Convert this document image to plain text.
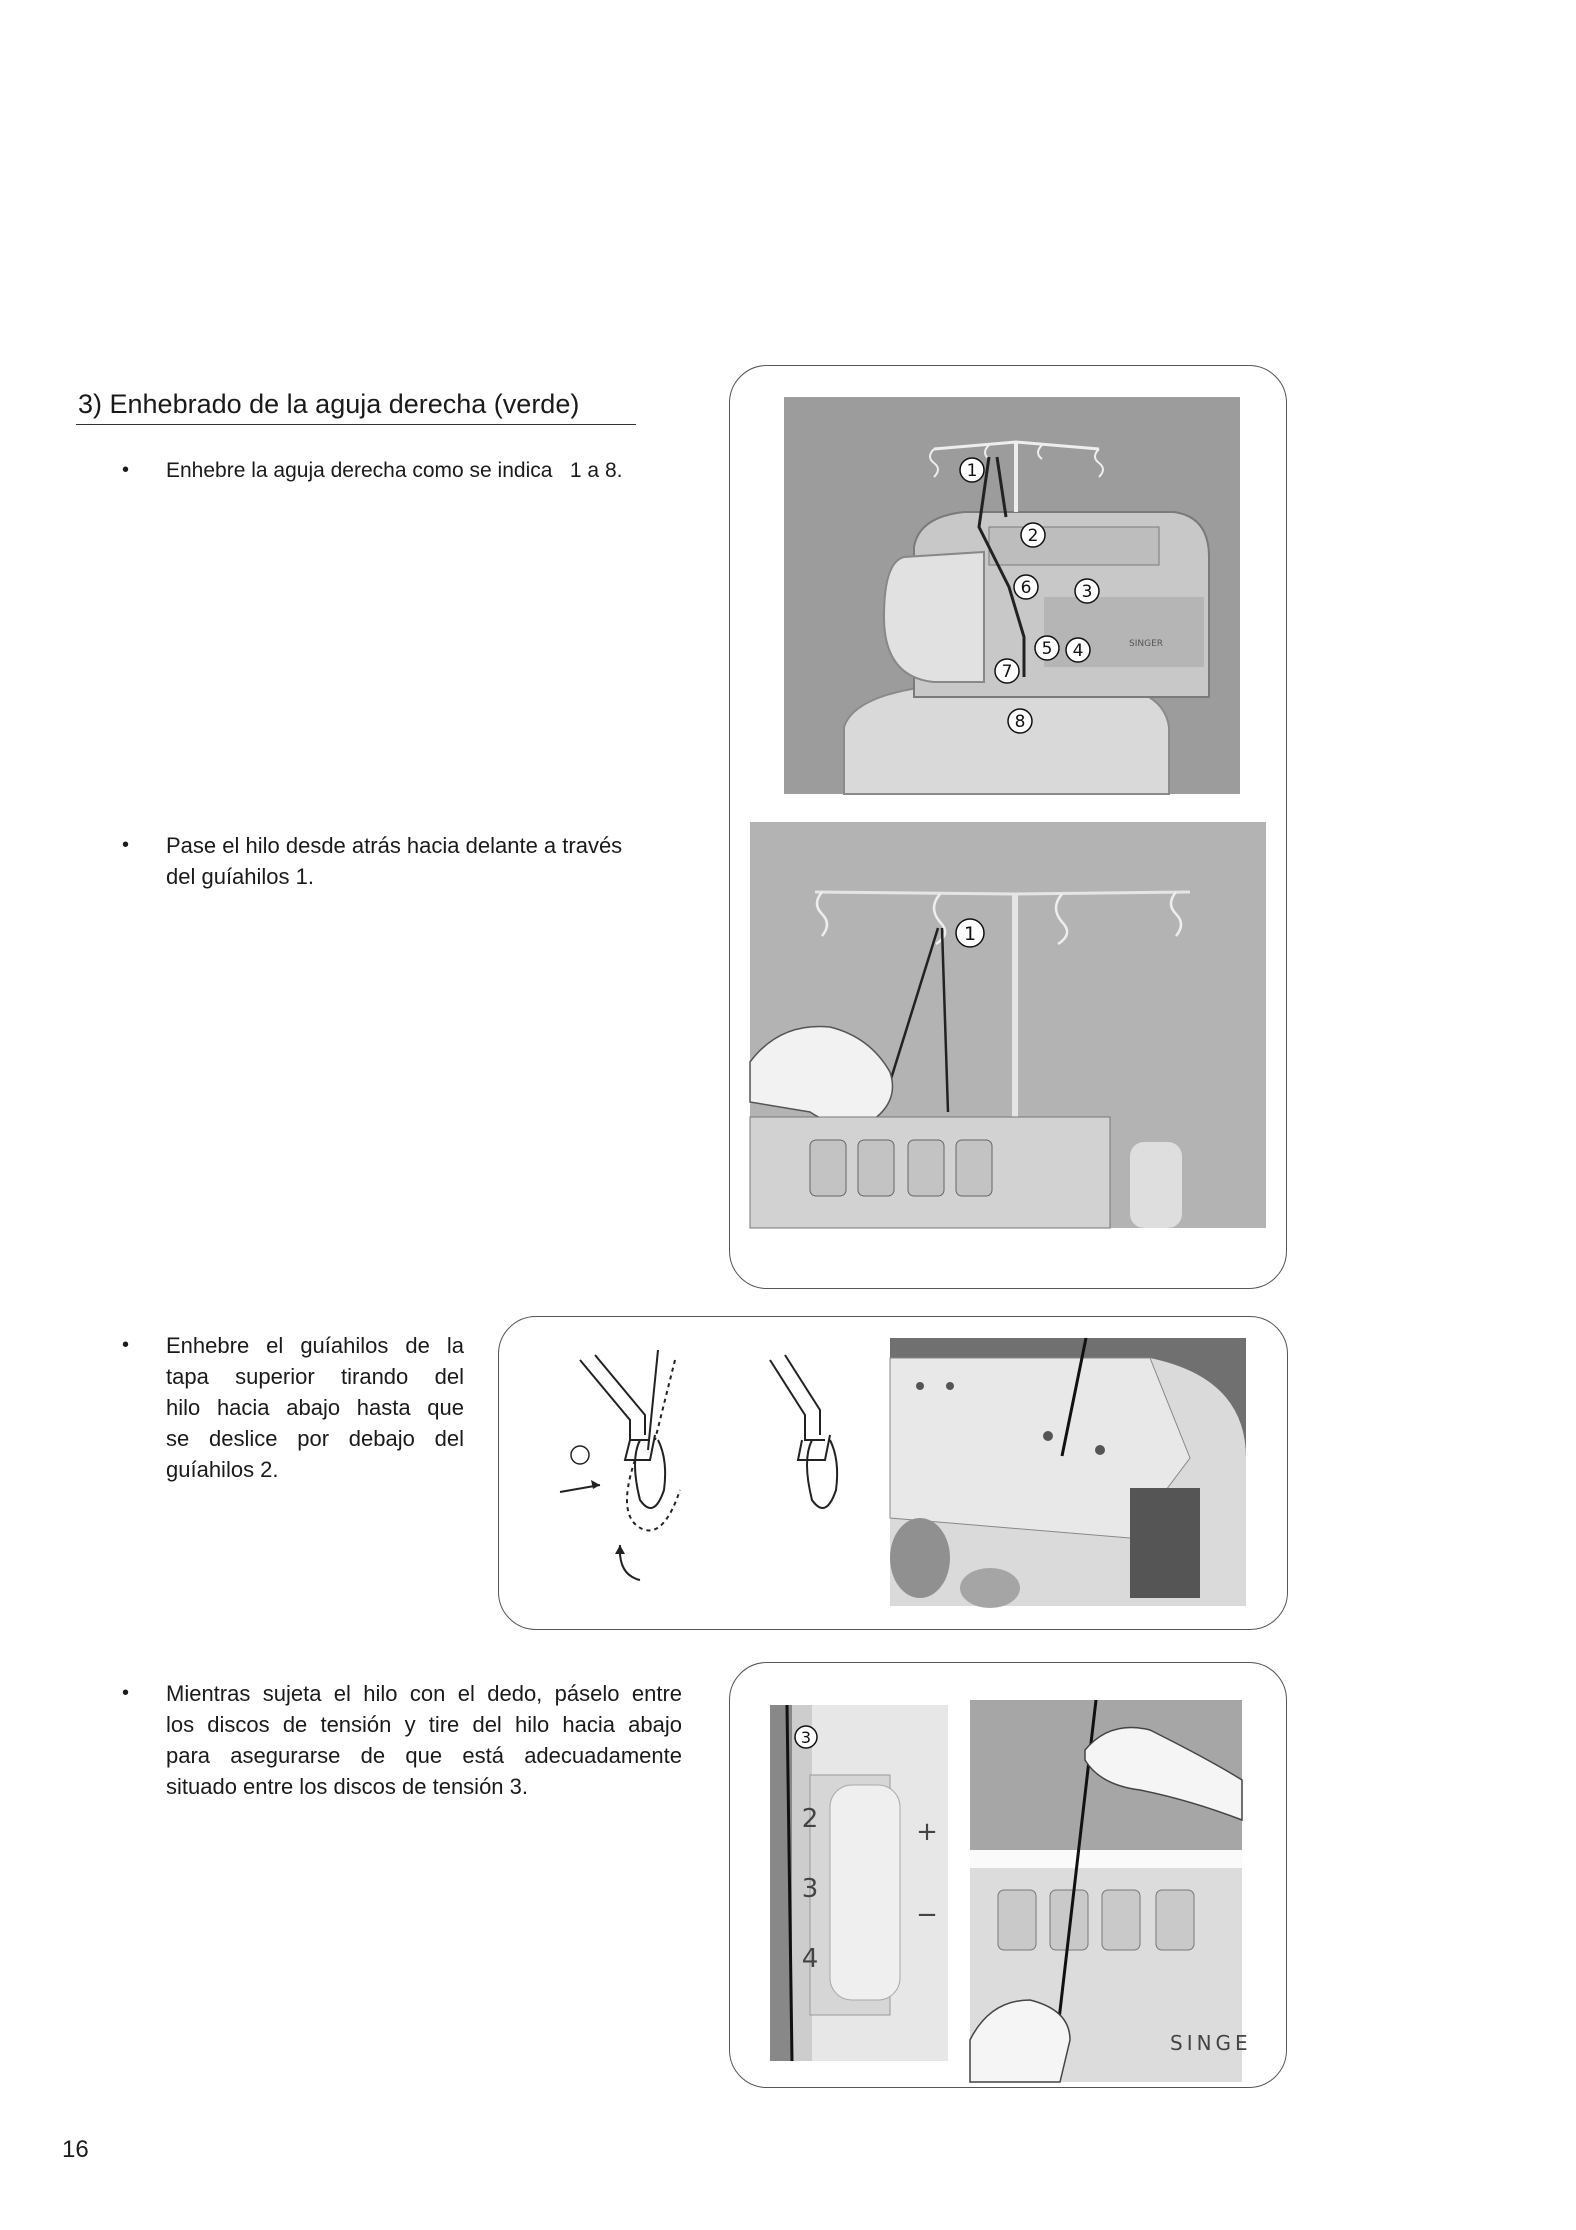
3) Enhebrado de la aguja derecha (verde)
•	Enhebre la aguja derecha como se indica   1 a 8.
•	Pase el hilo desde atrás hacia delante a través
del guíahilos 1.
•	Enhebre el guíahilos de la
tapa superior tirando del
hilo hacia abajo hasta que
se deslice por debajo del
guíahilos 2.
•	Mientras sujeta el hilo con el dedo, páselo entre
los discos de tensión y tire del hilo hacia abajo
para asegurarse de que está adecuadamente
situado entre los discos de tensión 3.
SINGER
1
2
3
4
5
6
7
8
1
3
2
3
4
+
−
SINGE
16
